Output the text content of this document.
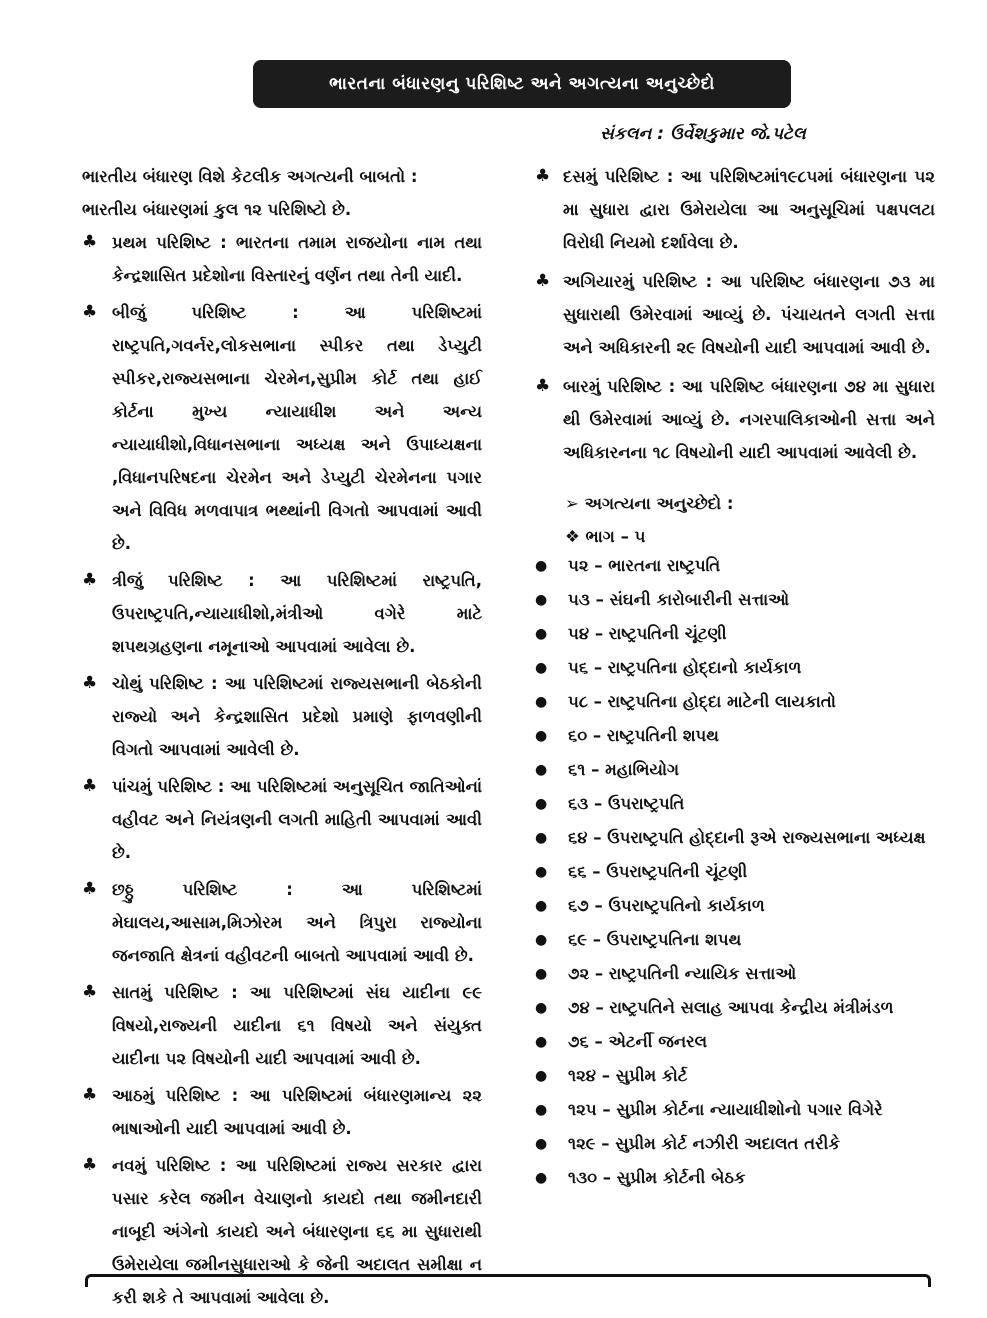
ભારતના બંધારણનુ પરિશિષ્ટ અને અગત્યના અનુચ્છેદો
સંકલન : ઉર્વેશકુમાર જે.પટેલ

ભારતીય બંધારણ વિશે કેટલીક અગત્યની બાબતો :

ભારતીય બંધારણમાં કુલ ૧૨ પરિશિષ્ટો છે.

♣ પ્રથમ પરિશિષ્ટ : ભારતના તમામ રાજયોના નામ તથા કેન્દ્રશાસિત પ્રદેશોના વિસ્તારનું વર્ણન તથા તેની યાદી.
♣ બીજું પરિશિષ્ટ : આ પરિશિષ્ટમાં રાષ્ટ્રપતિ,ગવર્નર,લોકસભાના સ્પીકર તથા ડેપ્યુટી સ્પીકર,રાજ્યસભાના ચેરમેન,સુપ્રીમ કોર્ટ તથા હાઈ કોર્ટના મુખ્ય ન્યાયાધીશ અને અન્ય ન્યાયાધીશો,વિધાનસભાના અધ્યક્ષ અને ઉપાધ્યક્ષના ,વિધાનપરિષદના ચેરમેન અને ડેપ્યુટી ચેરમેનના પગાર અને વિવિધ મળવાપાત્ર ભથ્થાંની વિગતો આપવામાં આવી છે.
♣ ત્રીજું પરિશિષ્ટ : આ પરિશિષ્ટમાં રાષ્ટ્રપતિ, ઉપરાષ્ટ્રપતિ,ન્યાયાધીશો,મંત્રીઓ વગેરે માટે શપથગ્રહણના નમૂનાઓ આપવામાં આવેલા છે.
♣ ચોથું પરિશિષ્ટ : આ પરિશિષ્ટમાં રાજ્યસભાની બેઠકોની રાજ્યો અને કેન્દ્રશાસિત પ્રદેશો પ્રમાણે ફાળવણીની વિગતો આપવામાં આવેલી છે.
♣ પાંચમું પરિશિષ્ટ : આ પરિશિષ્ટમાં અનુસૂચિત જાતિઓનાં વહીવટ અને નિયંત્રણની લગતી માહિતી આપવામાં આવી છે.
♣ છઠ્ઠુ પરિશિષ્ટ : આ પરિશિષ્ટમાં મેઘાલય,આસામ,મિઝોરમ અને ત્રિપુરા રાજ્યોના જનજાતિ ક્ષેત્રનાં વહીવટની બાબતો આપવામાં આવી છે.
♣ સાતમું પરિશિષ્ટ : આ પરિશિષ્ટમાં સંઘ યાદીના ૯૯ વિષયો,રાજ્યની યાદીના ૬૧ વિષયો અને સંયુક્ત યાદીના ૫૨ વિષયોની યાદી આપવામાં આવી છે.
♣ આઠમું પરિશિષ્ટ : આ પરિશિષ્ટમાં બંધારણમાન્ય ૨૨ ભાષાઓની યાદી આપવામાં આવી છે.
♣ નવમું પરિશિષ્ટ : આ પરિશિષ્ટમાં રાજ્ય સરકાર દ્વારા પસાર કરેલ જમીન વેચાણનો કાયદો તથા જમીનદારી નાબૂદી અંગેનો કાયદો અને બંધારણના ૬૬ મા સુધારાથી ઉમેરાયેલા જમીનસુધારાઓ કે જેની અદાલત સમીક્ષા ન કરી શકે તે આપવામાં આવેલા છે.
♣ દસમું પરિશિષ્ટ : આ પરિશિષ્ટમાં૧૯૮૫માં બંધારણના ૫૨ મા સુધારા દ્વારા ઉમેરાયેલા આ અનુસૂચિમાં પક્ષપલટા વિરોધી નિયમો દર્શાવેલા છે.
♣ અગિયારમું પરિશિષ્ટ : આ પરિશિષ્ટ બંધારણના ૭૩ મા સુધારાથી ઉમેરવામાં આવ્યું છે. પંચાયતને લગતી સત્તા અને અધિકારની ૨૯ વિષયોની યાદી આપવામાં આવી છે.
♣ બારમું પરિશિષ્ટ : આ પરિશિષ્ટ બંધારણના ૭૪ મા સુધારા થી ઉમેરવામાં આવ્યું છે. નગરપાલિકાઓની સત્તા અને અધિકારનના ૧૮ વિષયોની યાદી આપવામાં આવેલી છે.
➢ અગત્યના અનુચ્છેદો :
❖ ભાગ – ૫
●	૫૨ – ભારતના રાષ્ટ્રપતિ
●	૫૩ – સંઘની કારોબારીની સત્તાઓ
●	૫૪ – રાષ્ટ્રપતિની ચૂંટણી
●	૫૬ – રાષ્ટ્રપતિના હોદ્દાનો કાર્યકાળ
●	૫૮ – રાષ્ટ્રપતિના હોદ્દા માટેની લાયકાતો
●	૬૦ – રાષ્ટ્રપતિની શપથ
●	૬૧ – મહાભિયોગ
●	૬૩ – ઉપરાષ્ટ્રપતિ
●	૬૪ – ઉપરાષ્ટ્રપતિ હોદ્દાની રૂએ રાજ્યસભાના અધ્યક્ષ
●	૬૬ – ઉપરાષ્ટ્રપતિની ચૂંટણી
●	૬૭ – ઉપરાષ્ટ્રપતિનો કાર્યકાળ
●	૬૯ – ઉપરાષ્ટ્રપતિના શપથ
●	૭૨ – રાષ્ટ્રપતિની ન્યાયિક સત્તાઓ
●	૭૪ – રાષ્ટ્રપતિને સલાહ આપવા કેન્દ્રીય મંત્રીમંડળ
●	૭૬ – એટર્ની જનરલ
●	૧૨૪ – સુપ્રીમ કોર્ટ
●	૧૨૫ – સુપ્રીમ કોર્ટના ન્યાયાધીશોનો પગાર વિગેરે
●	૧૨૯ – સુપ્રીમ કોર્ટ નઝીરી અદાલત તરીકે
●	૧૩૦ – સુપ્રીમ કોર્ટની બેઠક
